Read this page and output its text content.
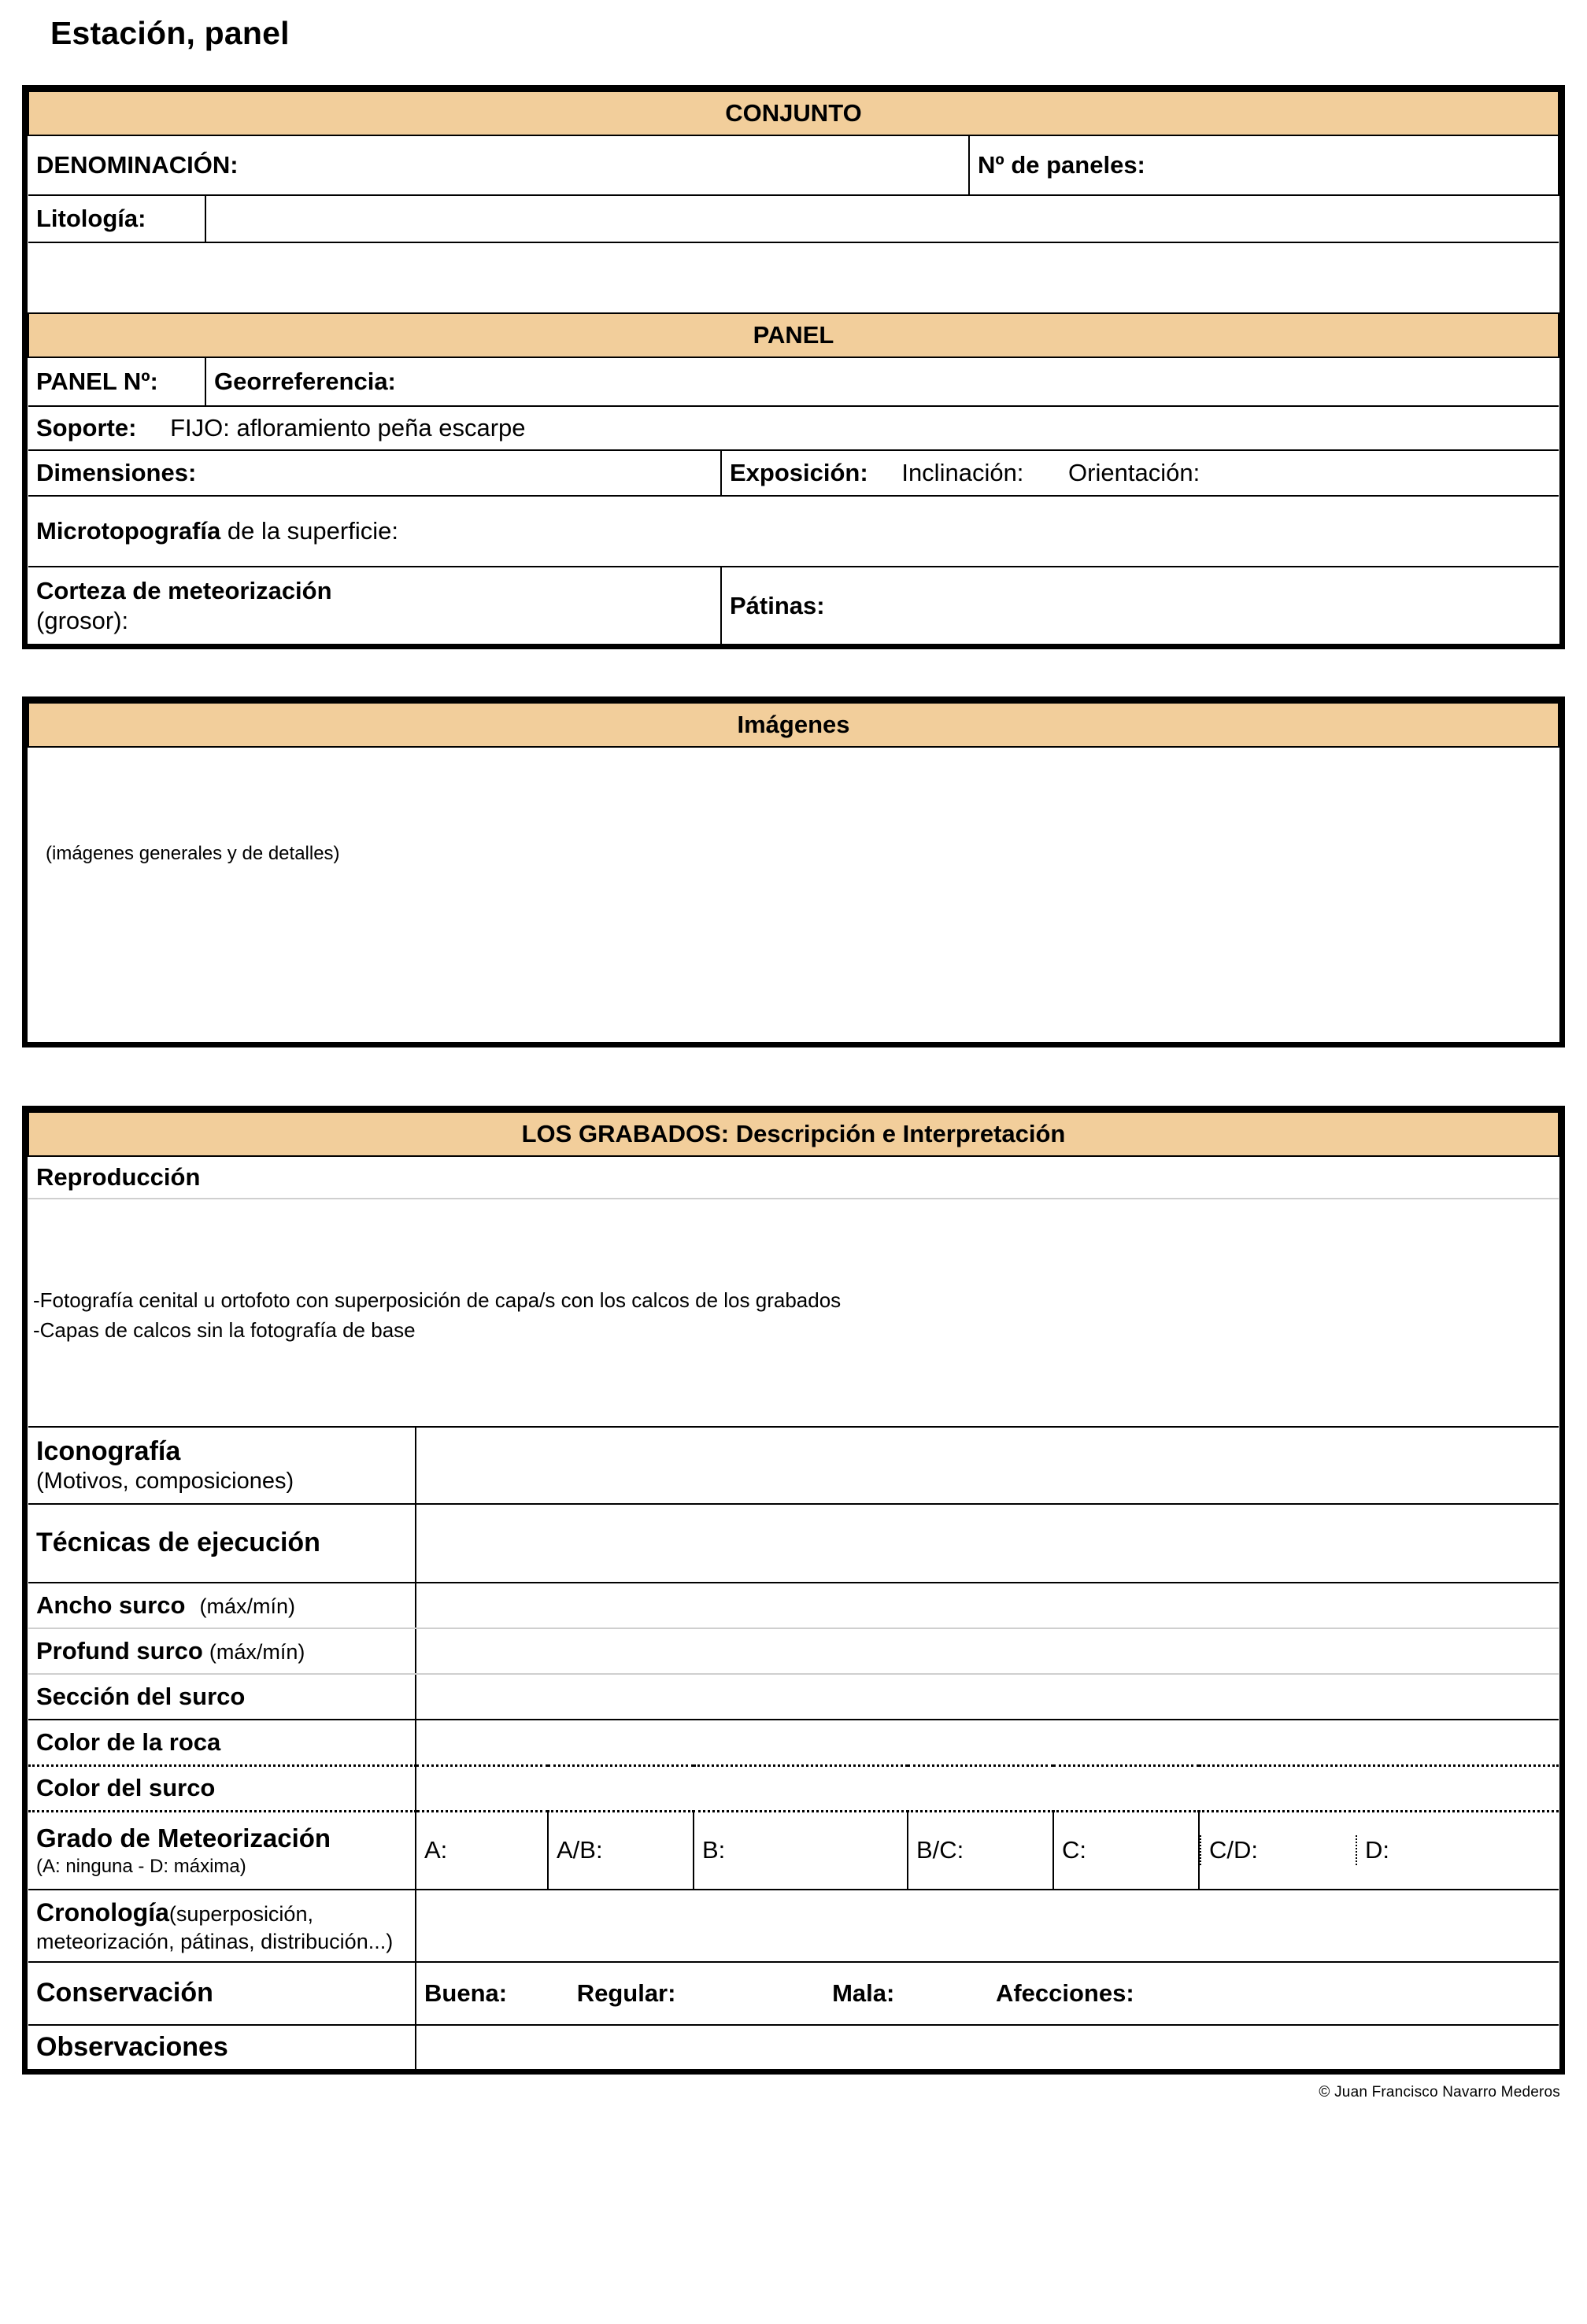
Estación, panel
CONJUNTO			
DENOMINACIÓN:			Nº de paneles:
Litología:			

PANEL			
PANEL Nº:	Georreferencia:		

Soporte: FIJO: afloramiento peña escarpe			

Dimensiones:		Exposición: Inclinación: Orientación:	

Microtopografía de la superficie:			

Corteza de meteorización
(grosor):		Pátinas:	
Imágenes

(imágenes generales y de detalles)
LOS GRABADOS: Descripción e Interpretación
Reproducción

-Fotografía cenital u ortofoto con superposición de capa/s con los calcos de los grabados
-Capas de calcos sin la fotografía de base

Iconografía
(Motivos, composiciones)

Técnicas de ejecución	
Ancho surco (máx/mín)	
Profund surco (máx/mín)	
Sección del surco	
Color de la roca	
Color del surco	

Grado de Meteorización
(A: ninguna - D: máxima)
	A:	A/B:	B:	B/C:	C:		C/D:	D:

Cronología(superposición,
meteorización, pátinas, distribución...)

Conservación	Buena:	Regular:	Mala:	Afecciones:

Observaciones	
© Juan Francisco Navarro Mederos
